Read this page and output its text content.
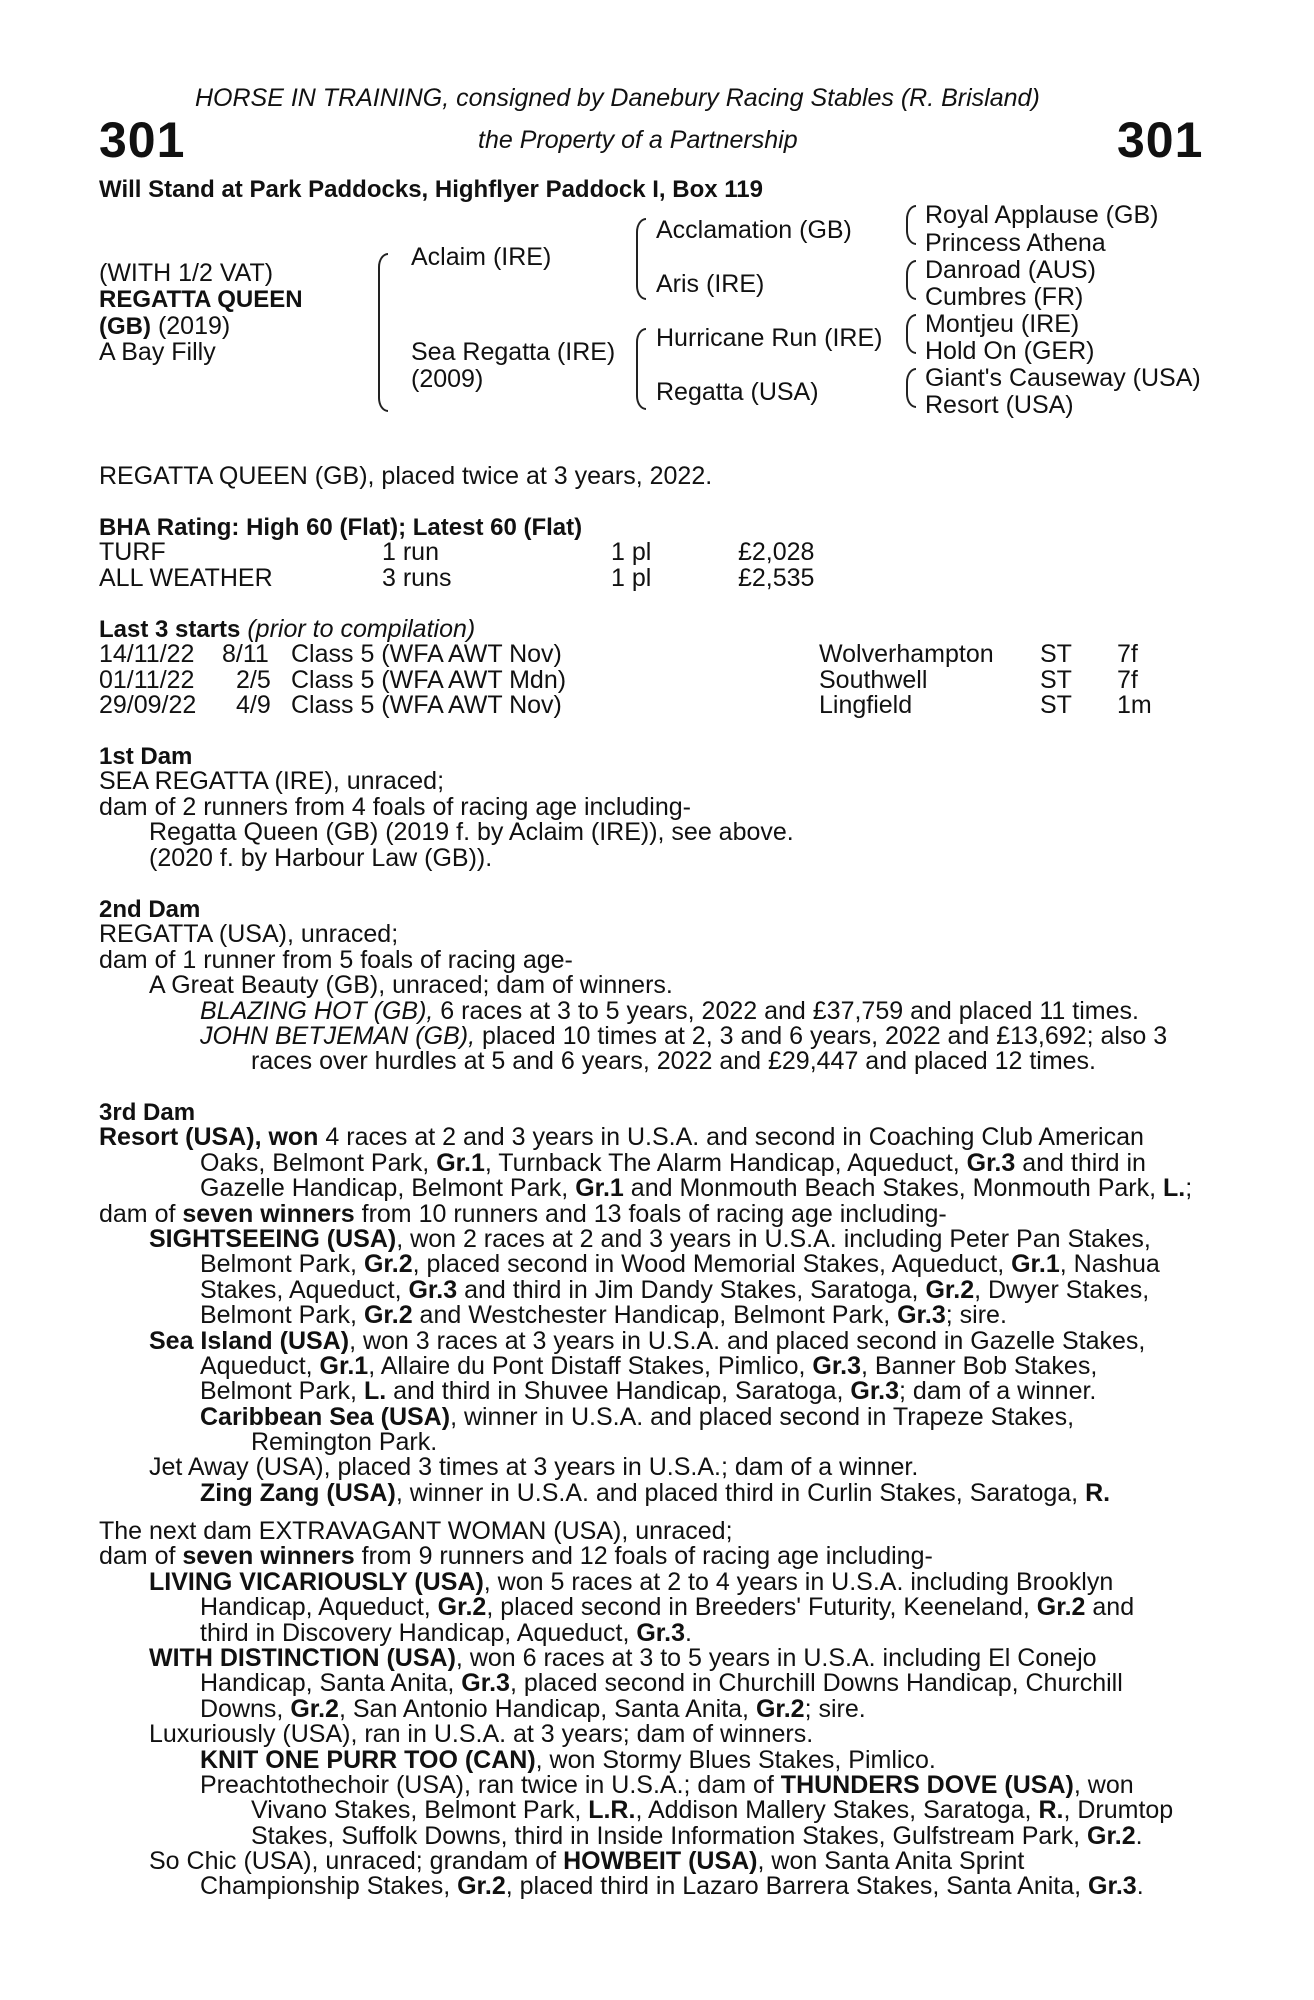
HORSE IN TRAINING, consigned by Danebury Racing Stables (R. Brisland)
301	the Property of a Partnership	301
Will Stand at Park Paddocks, Highflyer Paddock I, Box 119
(WITH 1/2 VAT)
REGATTA QUEEN
(GB) (2019)
A Bay Filly
Aclaim (IRE)
Sea Regatta (IRE)
(2009)
Acclamation (GB)
Aris (IRE)
Hurricane Run (IRE)
Regatta (USA)
Royal Applause (GB)
Princess Athena
Danroad (AUS)
Cumbres (FR)
Montjeu (IRE)
Hold On (GER)
Giant's Causeway (USA)
Resort (USA)
REGATTA QUEEN (GB), placed twice at 3 years, 2022.
BHA Rating: High 60 (Flat); Latest 60 (Flat)
TURF	1 run	1 pl	£2,028
ALL WEATHER	3 runs	1 pl	£2,535
Last 3 starts (prior to compilation)
14/11/22 8/11 Class 5 (WFA AWT Nov)	Wolverhampton ST 7f
01/11/22 2/5 Class 5 (WFA AWT Mdn)	Southwell	ST 7f
29/09/22 4/9 Class 5 (WFA AWT Nov)	Lingfield	ST 1m
1st Dam
SEA REGATTA (IRE), unraced;
dam of 2 runners from 4 foals of racing age including-
Regatta Queen (GB) (2019 f. by Aclaim (IRE)), see above.
(2020 f. by Harbour Law (GB)).
2nd Dam
REGATTA (USA), unraced;
dam of 1 runner from 5 foals of racing age-
A Great Beauty (GB), unraced; dam of winners.
BLAZING HOT (GB), 6 races at 3 to 5 years, 2022 and £37,759 and placed 11 times.
JOHN BETJEMAN (GB), placed 10 times at 2, 3 and 6 years, 2022 and £13,692; also 3
races over hurdles at 5 and 6 years, 2022 and £29,447 and placed 12 times.
3rd Dam
Resort (USA), won 4 races at 2 and 3 years in U.S.A. and second in Coaching Club American
Oaks, Belmont Park, Gr.1, Turnback The Alarm Handicap, Aqueduct, Gr.3 and third in
Gazelle Handicap, Belmont Park, Gr.1 and Monmouth Beach Stakes, Monmouth Park, L.;
dam of seven winners from 10 runners and 13 foals of racing age including-
SIGHTSEEING (USA), won 2 races at 2 and 3 years in U.S.A. including Peter Pan Stakes,
Belmont Park, Gr.2, placed second in Wood Memorial Stakes, Aqueduct, Gr.1, Nashua
Stakes, Aqueduct, Gr.3 and third in Jim Dandy Stakes, Saratoga, Gr.2, Dwyer Stakes,
Belmont Park, Gr.2 and Westchester Handicap, Belmont Park, Gr.3; sire.
Sea Island (USA), won 3 races at 3 years in U.S.A. and placed second in Gazelle Stakes,
Aqueduct, Gr.1, Allaire du Pont Distaff Stakes, Pimlico, Gr.3, Banner Bob Stakes,
Belmont Park, L. and third in Shuvee Handicap, Saratoga, Gr.3; dam of a winner.
Caribbean Sea (USA), winner in U.S.A. and placed second in Trapeze Stakes,
Remington Park.
Jet Away (USA), placed 3 times at 3 years in U.S.A.; dam of a winner.
Zing Zang (USA), winner in U.S.A. and placed third in Curlin Stakes, Saratoga, R.
The next dam EXTRAVAGANT WOMAN (USA), unraced;
dam of seven winners from 9 runners and 12 foals of racing age including-
LIVING VICARIOUSLY (USA), won 5 races at 2 to 4 years in U.S.A. including Brooklyn
Handicap, Aqueduct, Gr.2, placed second in Breeders' Futurity, Keeneland, Gr.2 and
third in Discovery Handicap, Aqueduct, Gr.3.
WITH DISTINCTION (USA), won 6 races at 3 to 5 years in U.S.A. including El Conejo
Handicap, Santa Anita, Gr.3, placed second in Churchill Downs Handicap, Churchill
Downs, Gr.2, San Antonio Handicap, Santa Anita, Gr.2; sire.
Luxuriously (USA), ran in U.S.A. at 3 years; dam of winners.
KNIT ONE PURR TOO (CAN), won Stormy Blues Stakes, Pimlico.
Preachtothechoir (USA), ran twice in U.S.A.; dam of THUNDERS DOVE (USA), won
Vivano Stakes, Belmont Park, L.R., Addison Mallery Stakes, Saratoga, R., Drumtop
Stakes, Suffolk Downs, third in Inside Information Stakes, Gulfstream Park, Gr.2.
So Chic (USA), unraced; grandam of HOWBEIT (USA), won Santa Anita Sprint
Championship Stakes, Gr.2, placed third in Lazaro Barrera Stakes, Santa Anita, Gr.3.
